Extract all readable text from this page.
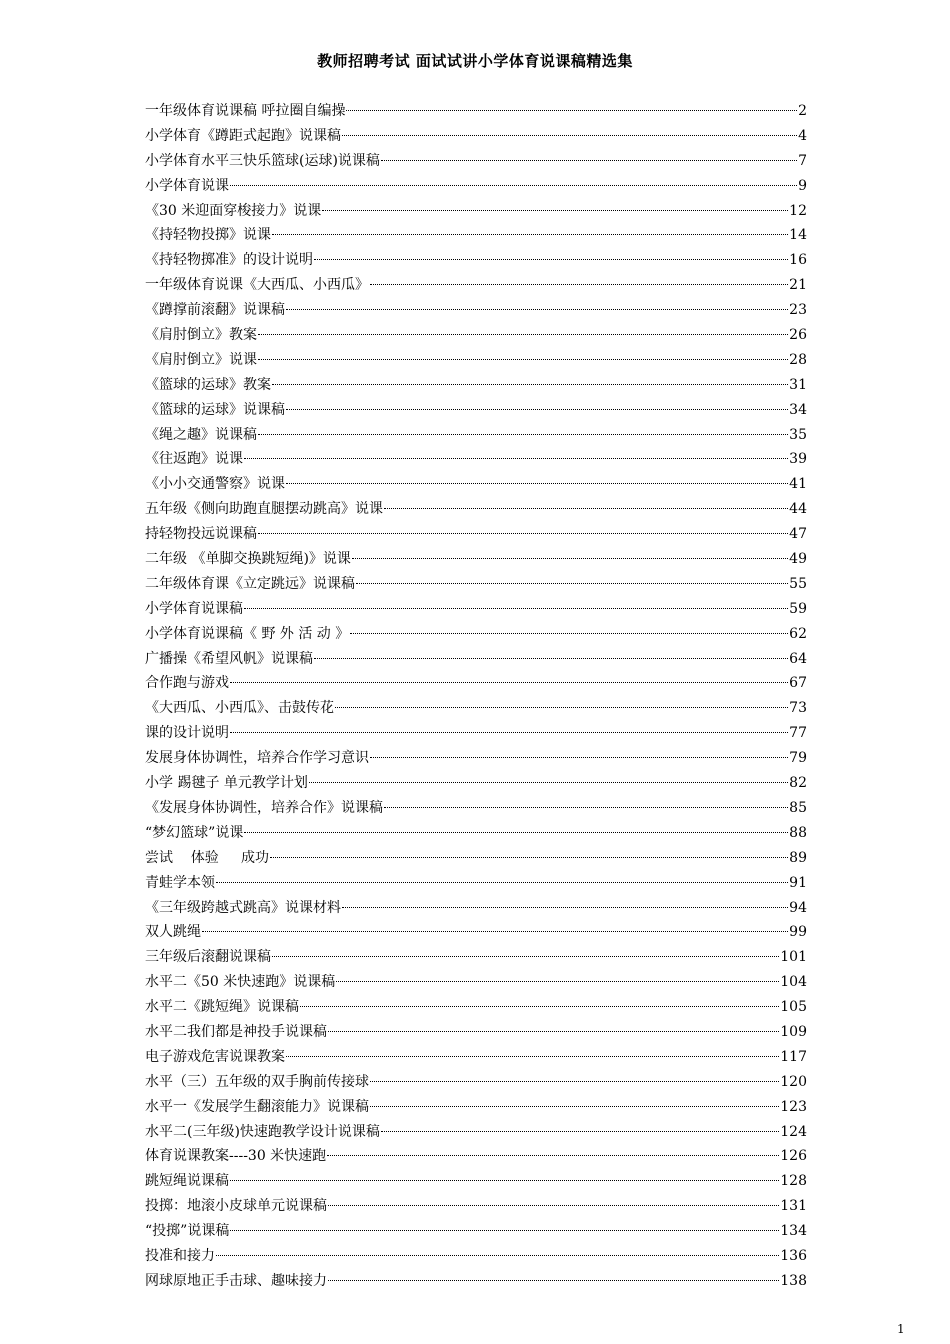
教师招聘考试 面试试讲小学体育说课稿精选集
一年级体育说课稿 呼拉圈自编操	2
小学体育《蹲距式起跑》说课稿	4
小学体育水平三快乐篮球(运球)说课稿	7
小学体育说课	9
《30 米迎面穿梭接力》说课	12
《持轻物投掷》说课	14
《持轻物掷准》的设计说明	16
一年级体育说课《大西瓜、小西瓜》	21
《蹲撑前滚翻》说课稿	23
《肩肘倒立》教案	26
《肩肘倒立》说课	28
《篮球的运球》教案	31
《篮球的运球》说课稿	34
《绳之趣》说课稿	35
《往返跑》说课	39
《小小交通警察》说课	41
五年级《侧向助跑直腿摆动跳高》说课	44
持轻物投远说课稿	47
二年级 《单脚交换跳短绳)》说课	49
二年级体育课《立定跳远》说课稿	55
小学体育说课稿	59
小学体育说课稿《 野 外 活 动 》	62
广播操《希望风帆》说课稿	64
合作跑与游戏	67
《大西瓜、小西瓜》、击鼓传花	73
课的设计说明	77
发展身体协调性，培养合作学习意识	79
小学 踢毽子 单元教学计划	82
《发展身体协调性，培养合作》说课稿	85
“梦幻篮球”说课	88
尝试    体验     成功	89
青蛙学本领	91
《三年级跨越式跳高》说课材料	94
双人跳绳	99
三年级后滚翻说课稿	101
水平二《50 米快速跑》说课稿	104
水平二《跳短绳》说课稿	105
水平二我们都是神投手说课稿	109
电子游戏危害说课教案	117
水平（三）五年级的双手胸前传接球	120
水平一《发展学生翻滚能力》说课稿	123
水平二(三年级)快速跑教学设计说课稿	124
体育说课教案----30 米快速跑	126
跳短绳说课稿	128
投掷：地滚小皮球单元说课稿	131
“投掷”说课稿	134
投准和接力	136
网球原地正手击球、趣味接力	138
1
